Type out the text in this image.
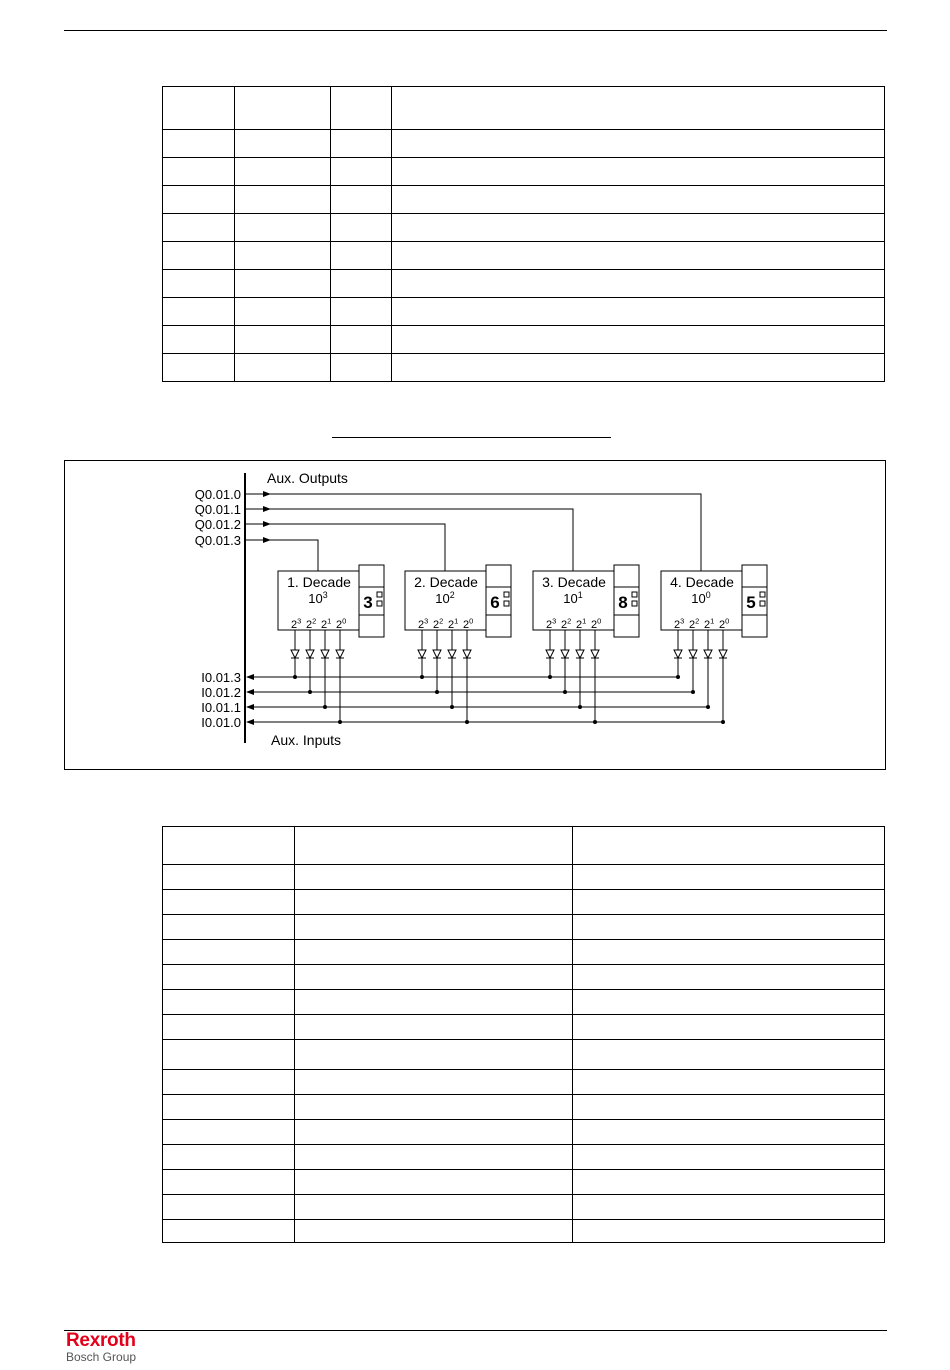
Aux. Outputs
Aux. Inputs
Q0.01.0
Q0.01.1
Q0.01.2
Q0.01.3
I0.01.3
I0.01.2
I0.01.1
I0.01.0
1. Decade
$10^3$
$2^3$ $2^2$ $2^1$ $2^0$
3
2. Decade
$10^2$
$2^3$ $2^2$ $2^1$ $2^0$
6
3. Decade
$10^1$
$2^3$ $2^2$ $2^1$ $2^0$
8
4. Decade
$10^0$
$2^3$ $2^2$ $2^1$ $2^0$
5

Rexroth
Bosch Group
